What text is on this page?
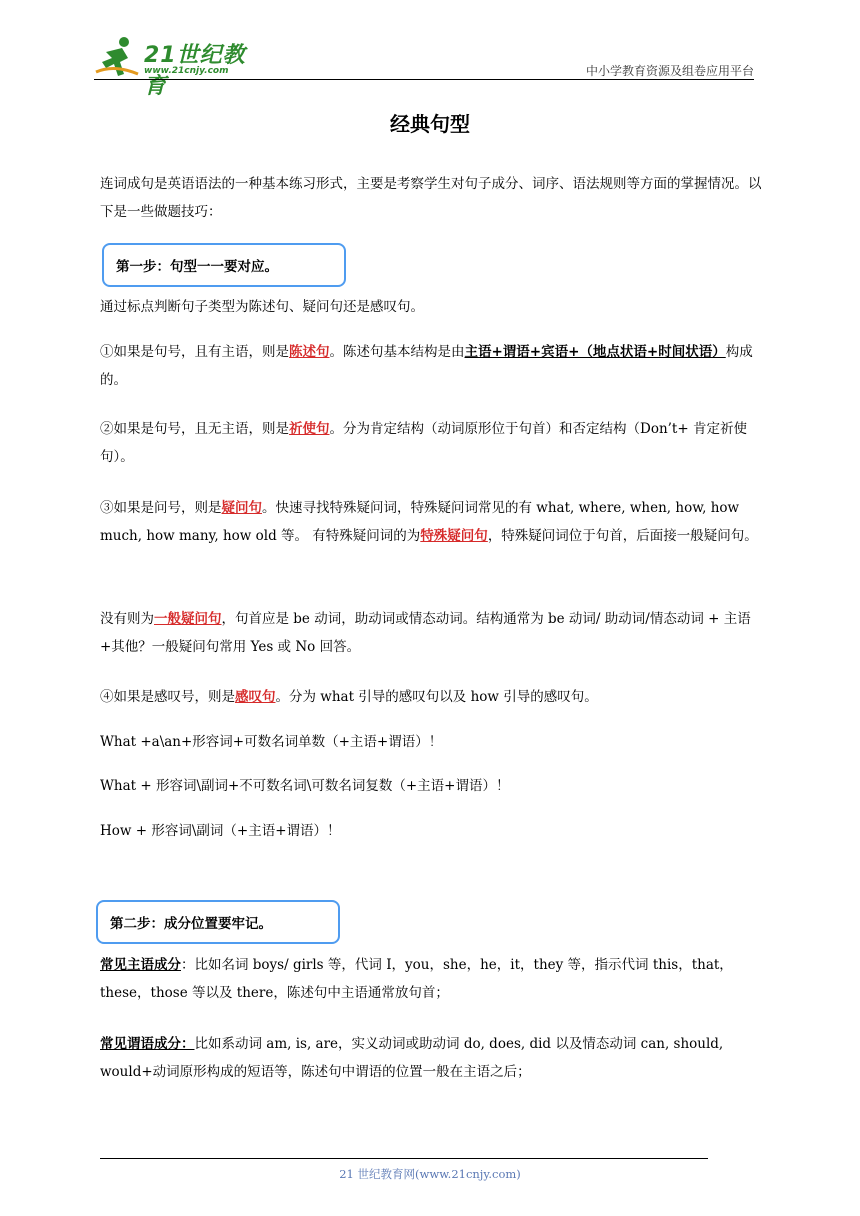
21世纪教育
www.21cnjy.com	中小学教育资源及组卷应用平台
经典句型
连词成句是英语语法的一种基本练习形式，主要是考察学生对句子成分、词序、语法规则等方面的掌握情况。以下是一些做题技巧：
第一步：句型一一要对应。
通过标点判断句子类型为陈述句、疑问句还是感叹句。
①如果是句号，且有主语，则是陈述句。陈述句基本结构是由主语+谓语+宾语+（地点状语+时间状语）构成的。
②如果是句号，且无主语，则是祈使句。分为肯定结构（动词原形位于句首）和否定结构（Don’t+ 肯定祈使句）。
③如果是问号，则是疑问句。快速寻找特殊疑问词，特殊疑问词常见的有 what, where, when, how, how much, how many, how old 等。 有特殊疑问词的为特殊疑问句，特殊疑问词位于句首，后面接一般疑问句。
没有则为一般疑问句，句首应是 be 动词，助动词或情态动词。结构通常为 be 动词/ 助动词/情态动词 + 主语+其他？一般疑问句常用 Yes 或 No 回答。
④如果是感叹号，则是感叹句。分为 what 引导的感叹句以及 how 引导的感叹句。
What +a\an+形容词+可数名词单数（+主语+谓语）！
What + 形容词\副词+不可数名词\可数名词复数（+主语+谓语）！
How + 形容词\副词（+主语+谓语）！
第二步：成分位置要牢记。
常见主语成分：比如名词 boys/ girls 等，代词 I，you，she，he，it，they 等，指示代词 this，that，these，those 等以及 there，陈述句中主语通常放句首；
常见谓语成分：比如系动词 am, is, are，实义动词或助动词 do, does, did 以及情态动词 can, should, would+动词原形构成的短语等，陈述句中谓语的位置一般在主语之后；
21 世纪教育网(www.21cnjy.com)
